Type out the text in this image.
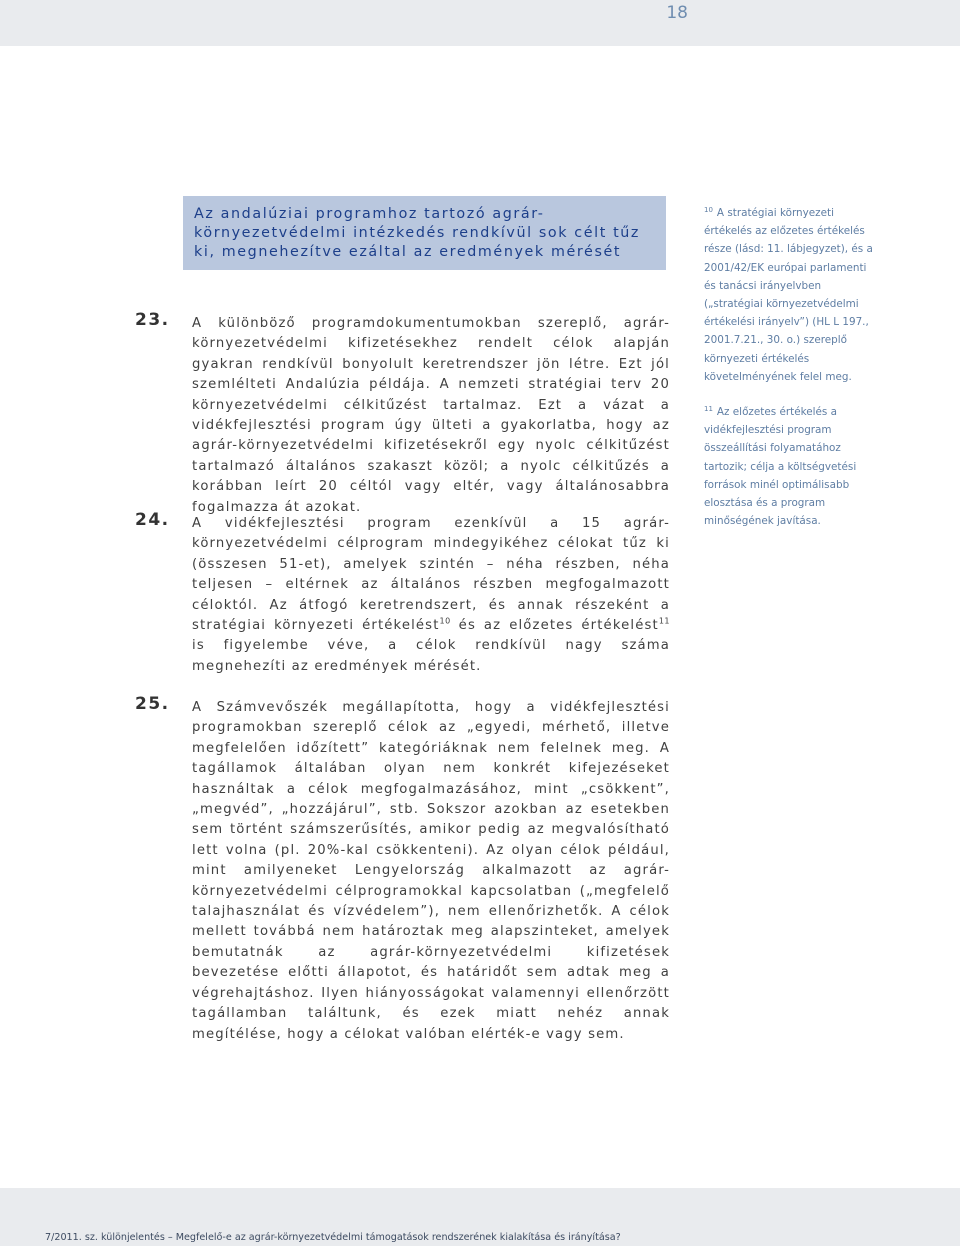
18
Az andalúziai programhoz tartozó agrár-környezetvédelmi intézkedés rendkívül sok célt tűz ki, megnehezítve ezáltal az eredmények mérését
23. A különböző programdokumentumokban szereplő, agrár-környezetvédelmi kifizetésekhez rendelt célok alapján gyakran rendkívül bonyolult keretrendszer jön létre. Ezt jól szemlélteti Andalúzia példája. A nemzeti stratégiai terv 20 környezetvédelmi célkitűzést tartalmaz. Ezt a vázat a vidékfejlesztési program úgy ülteti a gyakorlatba, hogy az agrár-környezetvédelmi kifizetésekről egy nyolc célkitűzést tartalmazó általános szakaszt közöl; a nyolc célkitűzés a korábban leírt 20 céltól vagy eltér, vagy általánosabbra fogalmazza át azokat.

24. A vidékfejlesztési program ezenkívül a 15 agrár-környezetvédelmi célprogram mindegyikéhez célokat tűz ki (összesen 51-et), amelyek szintén – néha részben, néha teljesen – eltérnek az általános részben megfogalmazott céloktól. Az átfogó keretrendszert, és annak részeként a stratégiai környezeti értékelést$^{10}$ és az előzetes értékelést$^{11}$ is figyelembe véve, a célok rendkívül nagy száma megnehezíti az eredmények mérését.

25. A Számvevőszék megállapította, hogy a vidékfejlesztési programokban szereplő célok az „egyedi, mérhető, illetve megfelelően időzített” kategóriáknak nem felelnek meg. A tagállamok általában olyan nem konkrét kifejezéseket használtak a célok megfogalmazásához, mint „csökkent”, „megvéd”, „hozzájárul”, stb. Sokszor azokban az esetekben sem történt számszerűsítés, amikor pedig az megvalósítható lett volna (pl. 20%-kal csökkenteni). Az olyan célok például, mint amilyeneket Lengyelország alkalmazott az agrár-környezetvédelmi célprogramokkal kapcsolatban („megfelelő talajhasználat és vízvédelem”), nem ellenőrizhetők. A célok mellett továbbá nem határoztak meg alapszinteket, amelyek bemutatnák az agrár-környezetvédelmi kifizetések bevezetése előtti állapotot, és határidőt sem adtak meg a végrehajtáshoz. Ilyen hiányosságokat valamennyi ellenőrzött tagállamban találtunk, és ezek miatt nehéz annak megítélése, hogy a célokat valóban elérték-e vagy sem.

$^{10}$ A stratégiai környezeti értékelés az előzetes értékelés része (lásd: 11. lábjegyzet), és a 2001/42/EK európai parlamenti és tanácsi irányelvben („stratégiai környezetvédelmi értékelési irányelv”) (HL L 197., 2001.7.21., 30. o.) szereplő környezeti értékelés követelményének felel meg.
$^{11}$ Az előzetes értékelés a vidékfejlesztési program összeállítási folyamatához tartozik; célja a költségvetési források minél optimálisabb elosztása és a program minőségének javítása.
7/2011. sz. különjelentés – Megfelelő-e az agrár-környezetvédelmi támogatások rendszerének kialakítása és irányítása?
